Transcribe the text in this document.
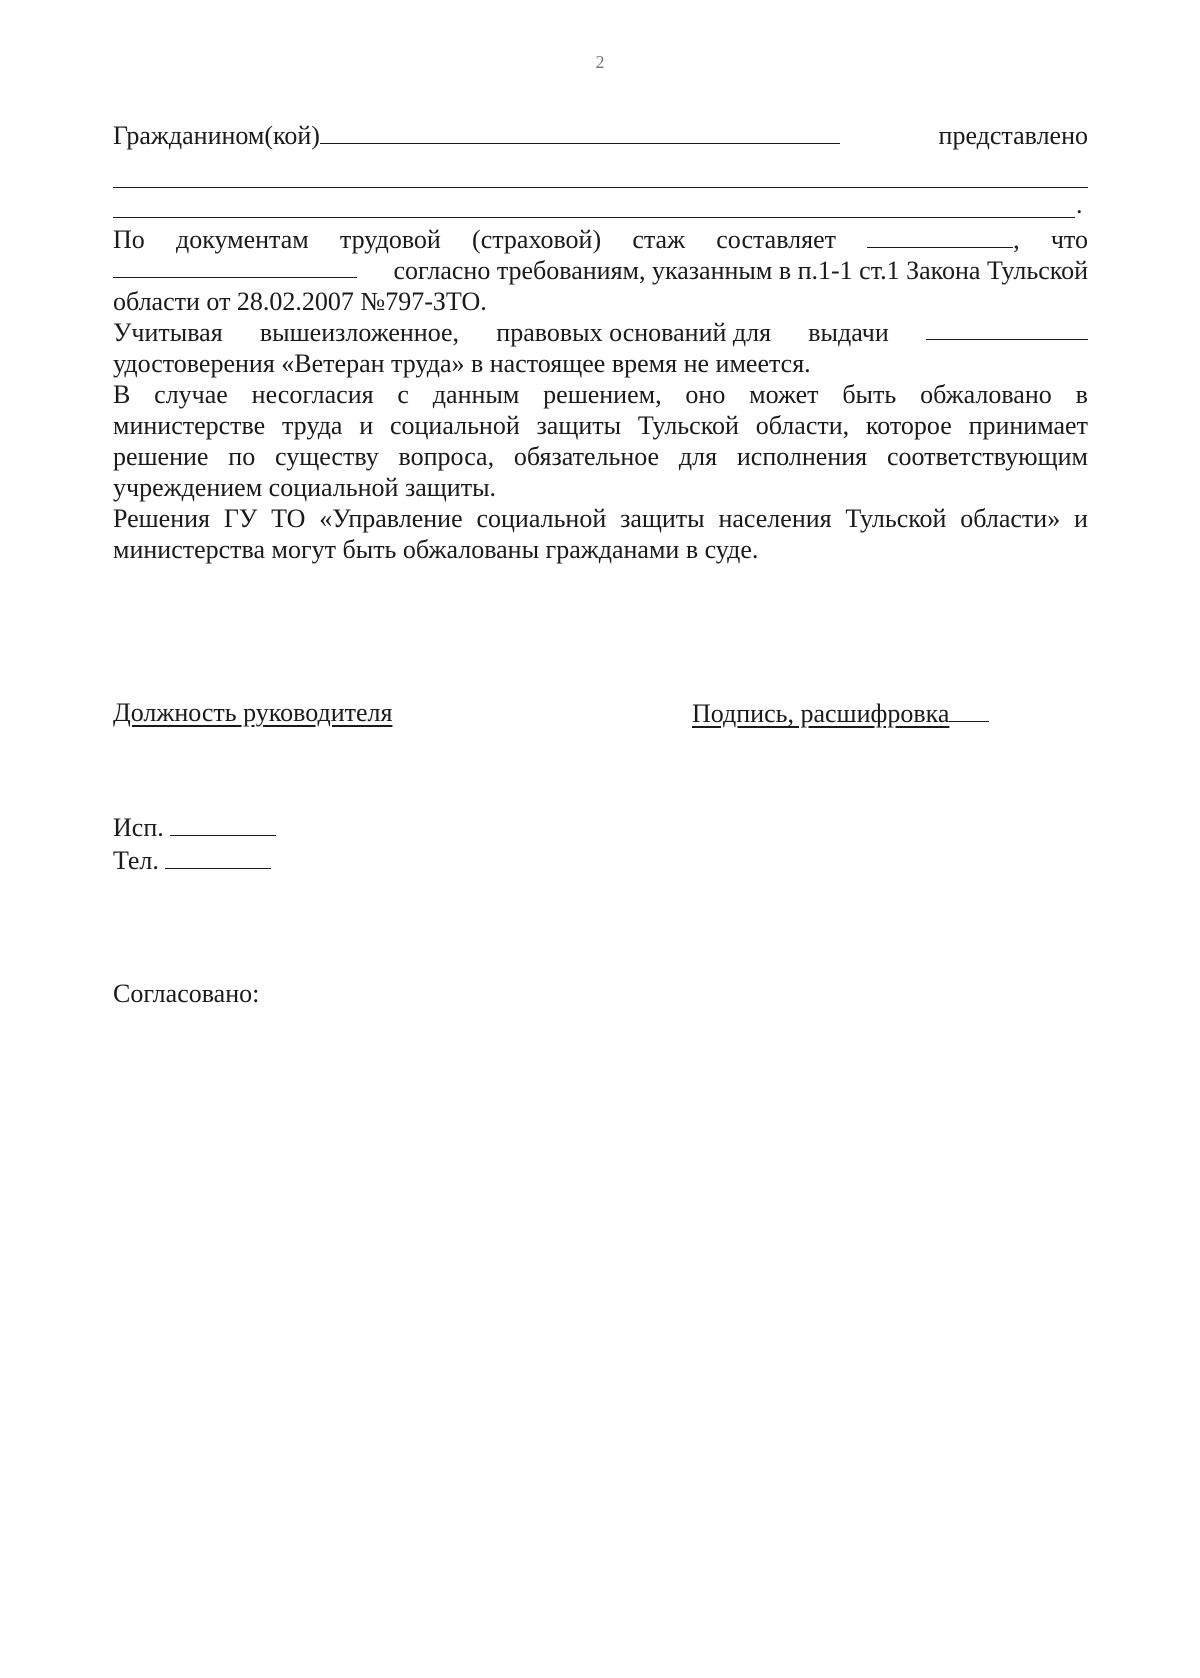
2
Гражданином(кой)	представлено
.
По документам трудовой (страховой) стаж составляет	, что
согласно требованиям, указанным в п.1-1 ст.1 Закона Тульской
области от 28.02.2007 №797-ЗТО.
Учитывая вышеизложенное, правовых оснований для выдачи
удостоверения «Ветеран труда» в настоящее время не имеется.
В случае несогласия с данным решением, оно может быть обжаловано в
министерстве труда и социальной защиты Тульской области, которое принимает
решение по существу вопроса, обязательное для исполнения соответствующим
учреждением социальной защиты.
Решения ГУ ТО «Управление социальной защиты населения Тульской области» и
министерства могут быть обжалованы гражданами в суде.
Должность руководителя	Подпись, расшифровка
Исп.
Тел.
Согласовано:
